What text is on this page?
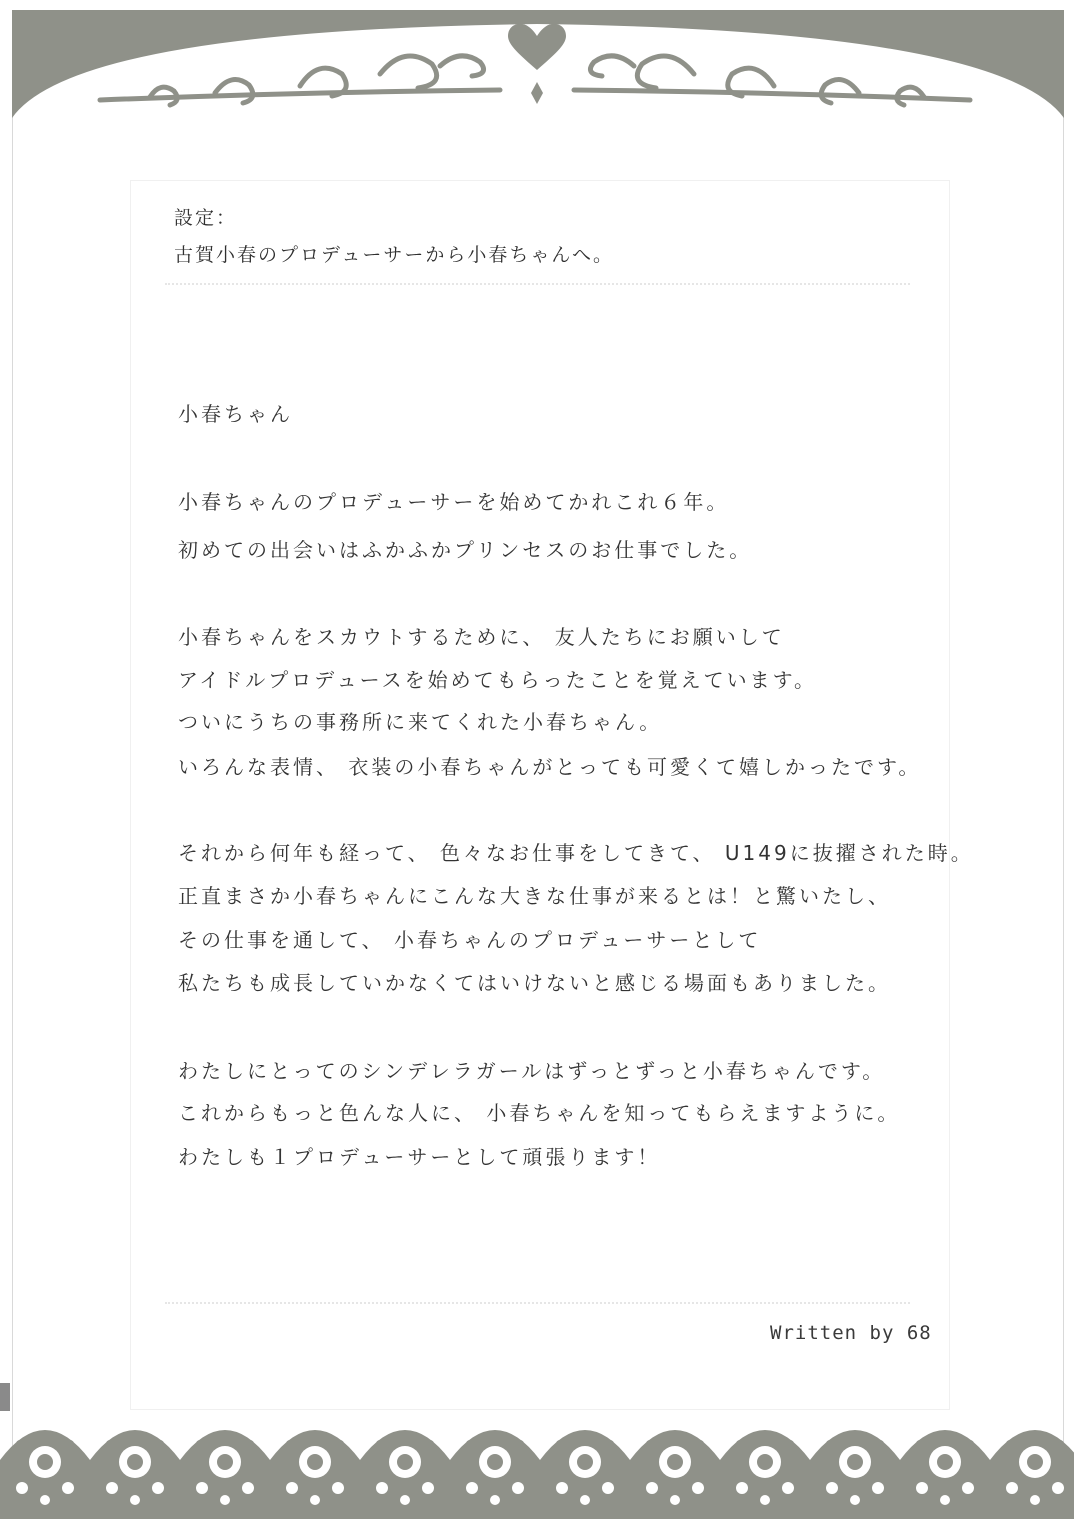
設定：
古賀小春のプロデューサーから小春ちゃんへ。
小春ちゃん
小春ちゃんのプロデューサーを始めてかれこれ６年。
初めての出会いはふかふかプリンセスのお仕事でした。
小春ちゃんをスカウトするために、 友人たちにお願いして
アイドルプロデュースを始めてもらったことを覚えています。
ついにうちの事務所に来てくれた小春ちゃん。
いろんな表情、 衣装の小春ちゃんがとっても可愛くて嬉しかったです。
それから何年も経って、 色々なお仕事をしてきて、 U149に抜擢された時。
正直まさか小春ちゃんにこんな大きな仕事が来るとは！と驚いたし、
その仕事を通して、 小春ちゃんのプロデューサーとして
私たちも成長していかなくてはいけないと感じる場面もありました。
わたしにとってのシンデレラガールはずっとずっと小春ちゃんです。
これからもっと色んな人に、 小春ちゃんを知ってもらえますように。
わたしも１プロデューサーとして頑張ります！
Written by 68
